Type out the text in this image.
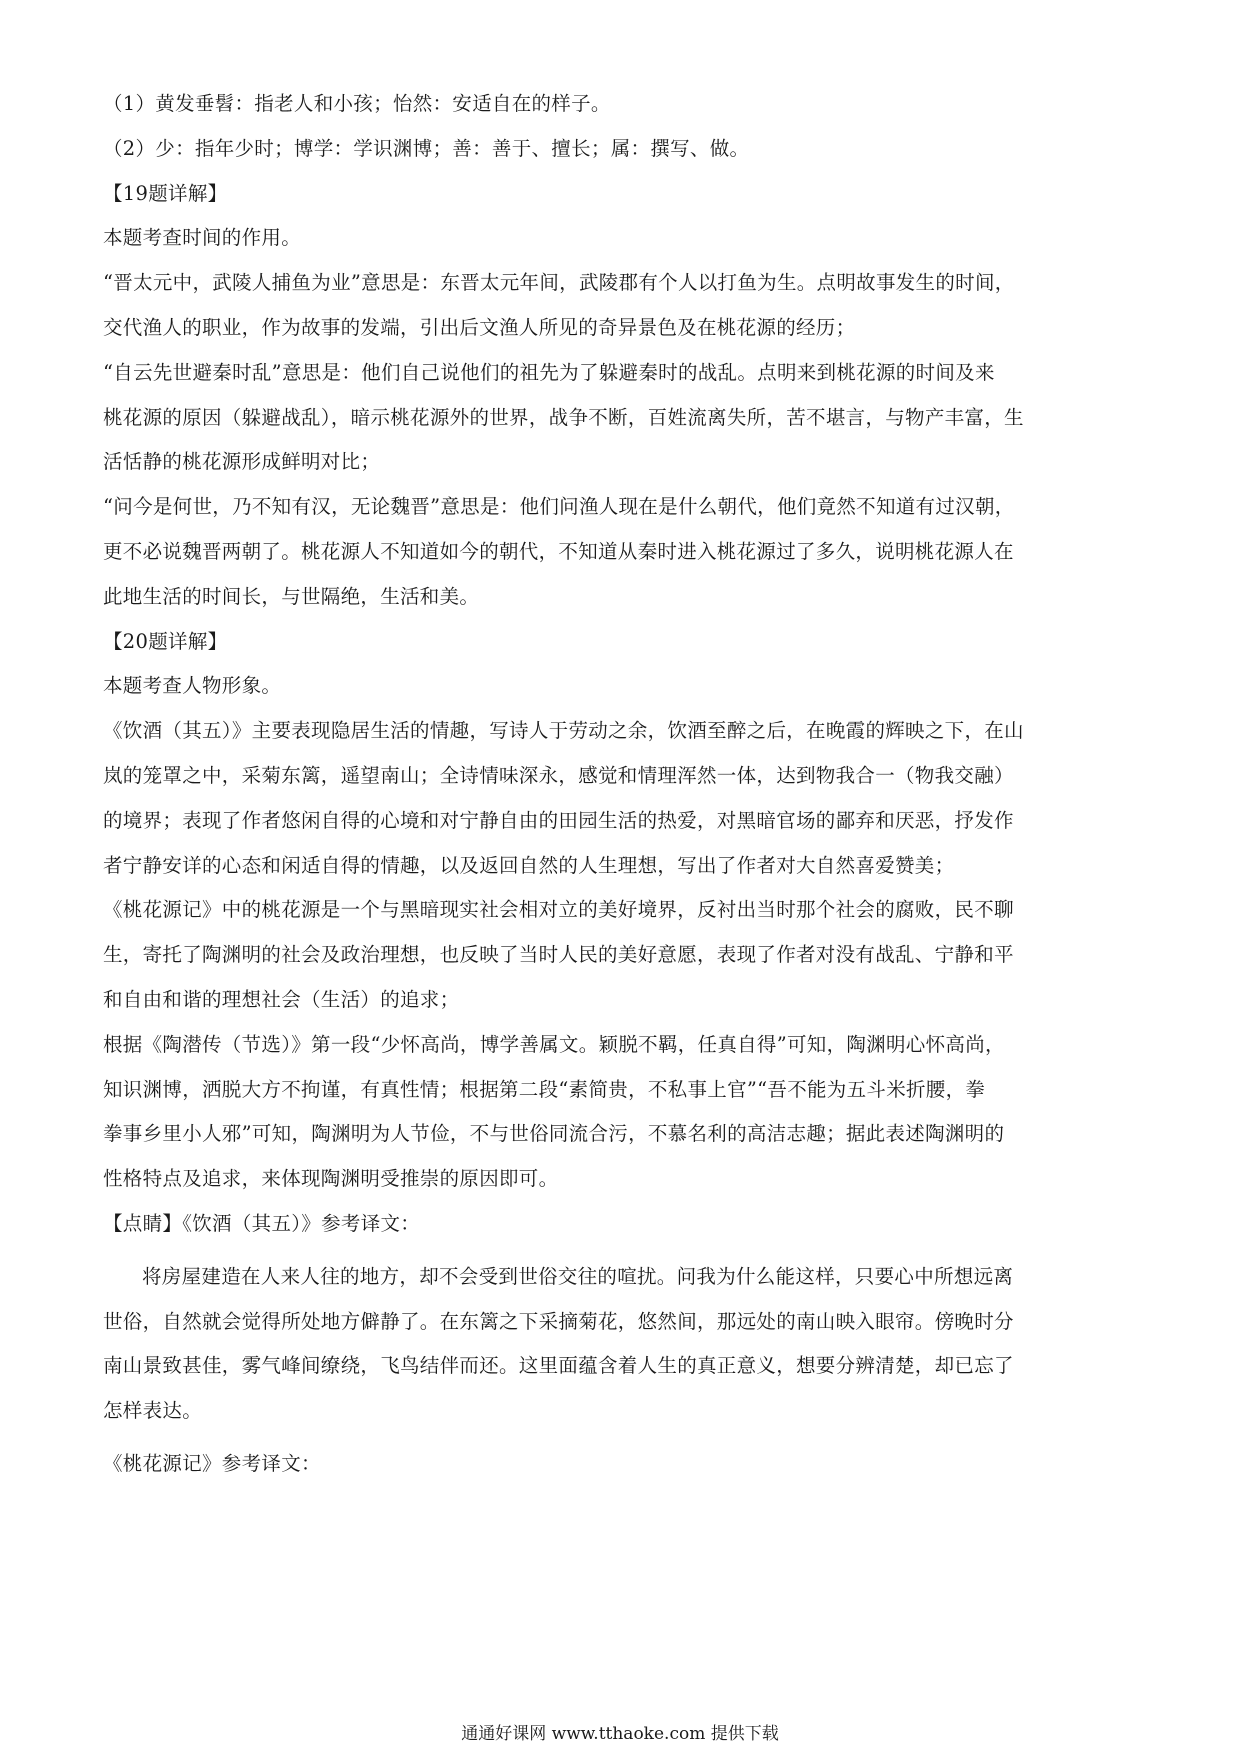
（1）黄发垂髫：指老人和小孩；怡然：安适自在的样子。
（2）少：指年少时；博学：学识渊博；善：善于、擅长；属：撰写、做。
【19题详解】
本题考查时间的作用。
“晋太元中，武陵人捕鱼为业”意思是：东晋太元年间，武陵郡有个人以打鱼为生。点明故事发生的时间，
交代渔人的职业，作为故事的发端，引出后文渔人所见的奇异景色及在桃花源的经历；
“自云先世避秦时乱”意思是：他们自己说他们的祖先为了躲避秦时的战乱。点明来到桃花源的时间及来
桃花源的原因（躲避战乱），暗示桃花源外的世界，战争不断，百姓流离失所，苦不堪言，与物产丰富，生
活恬静的桃花源形成鲜明对比；
“问今是何世，乃不知有汉，无论魏晋”意思是：他们问渔人现在是什么朝代，他们竟然不知道有过汉朝，
更不必说魏晋两朝了。桃花源人不知道如今的朝代，不知道从秦时进入桃花源过了多久，说明桃花源人在
此地生活的时间长，与世隔绝，生活和美。
【20题详解】
本题考查人物形象。
《饮酒（其五）》主要表现隐居生活的情趣，写诗人于劳动之余，饮酒至醉之后，在晚霞的辉映之下，在山
岚的笼罩之中，采菊东篱，遥望南山；全诗情味深永，感觉和情理浑然一体，达到物我合一（物我交融）
的境界；表现了作者悠闲自得的心境和对宁静自由的田园生活的热爱，对黑暗官场的鄙弃和厌恶，抒发作
者宁静安详的心态和闲适自得的情趣，以及返回自然的人生理想，写出了作者对大自然喜爱赞美；
《桃花源记》中的桃花源是一个与黑暗现实社会相对立的美好境界，反衬出当时那个社会的腐败，民不聊
生，寄托了陶渊明的社会及政治理想，也反映了当时人民的美好意愿，表现了作者对没有战乱、宁静和平
和自由和谐的理想社会（生活）的追求；
根据《陶潜传（节选）》第一段“少怀高尚，博学善属文。颖脱不羁，任真自得”可知，陶渊明心怀高尚，
知识渊博，洒脱大方不拘谨，有真性情；根据第二段“素简贵，不私事上官”“吾不能为五斗米折腰，拳
拳事乡里小人邪”可知，陶渊明为人节俭，不与世俗同流合污，不慕名利的高洁志趣；据此表述陶渊明的
性格特点及追求，来体现陶渊明受推崇的原因即可。
【点睛】《饮酒（其五）》参考译文：
将房屋建造在人来人往的地方，却不会受到世俗交往的喧扰。问我为什么能这样，只要心中所想远离
世俗，自然就会觉得所处地方僻静了。在东篱之下采摘菊花，悠然间，那远处的南山映入眼帘。傍晚时分
南山景致甚佳，雾气峰间缭绕，飞鸟结伴而还。这里面蕴含着人生的真正意义，想要分辨清楚，却已忘了
怎样表达。
《桃花源记》参考译文：
通通好课网 www.tthaoke.com 提供下载
